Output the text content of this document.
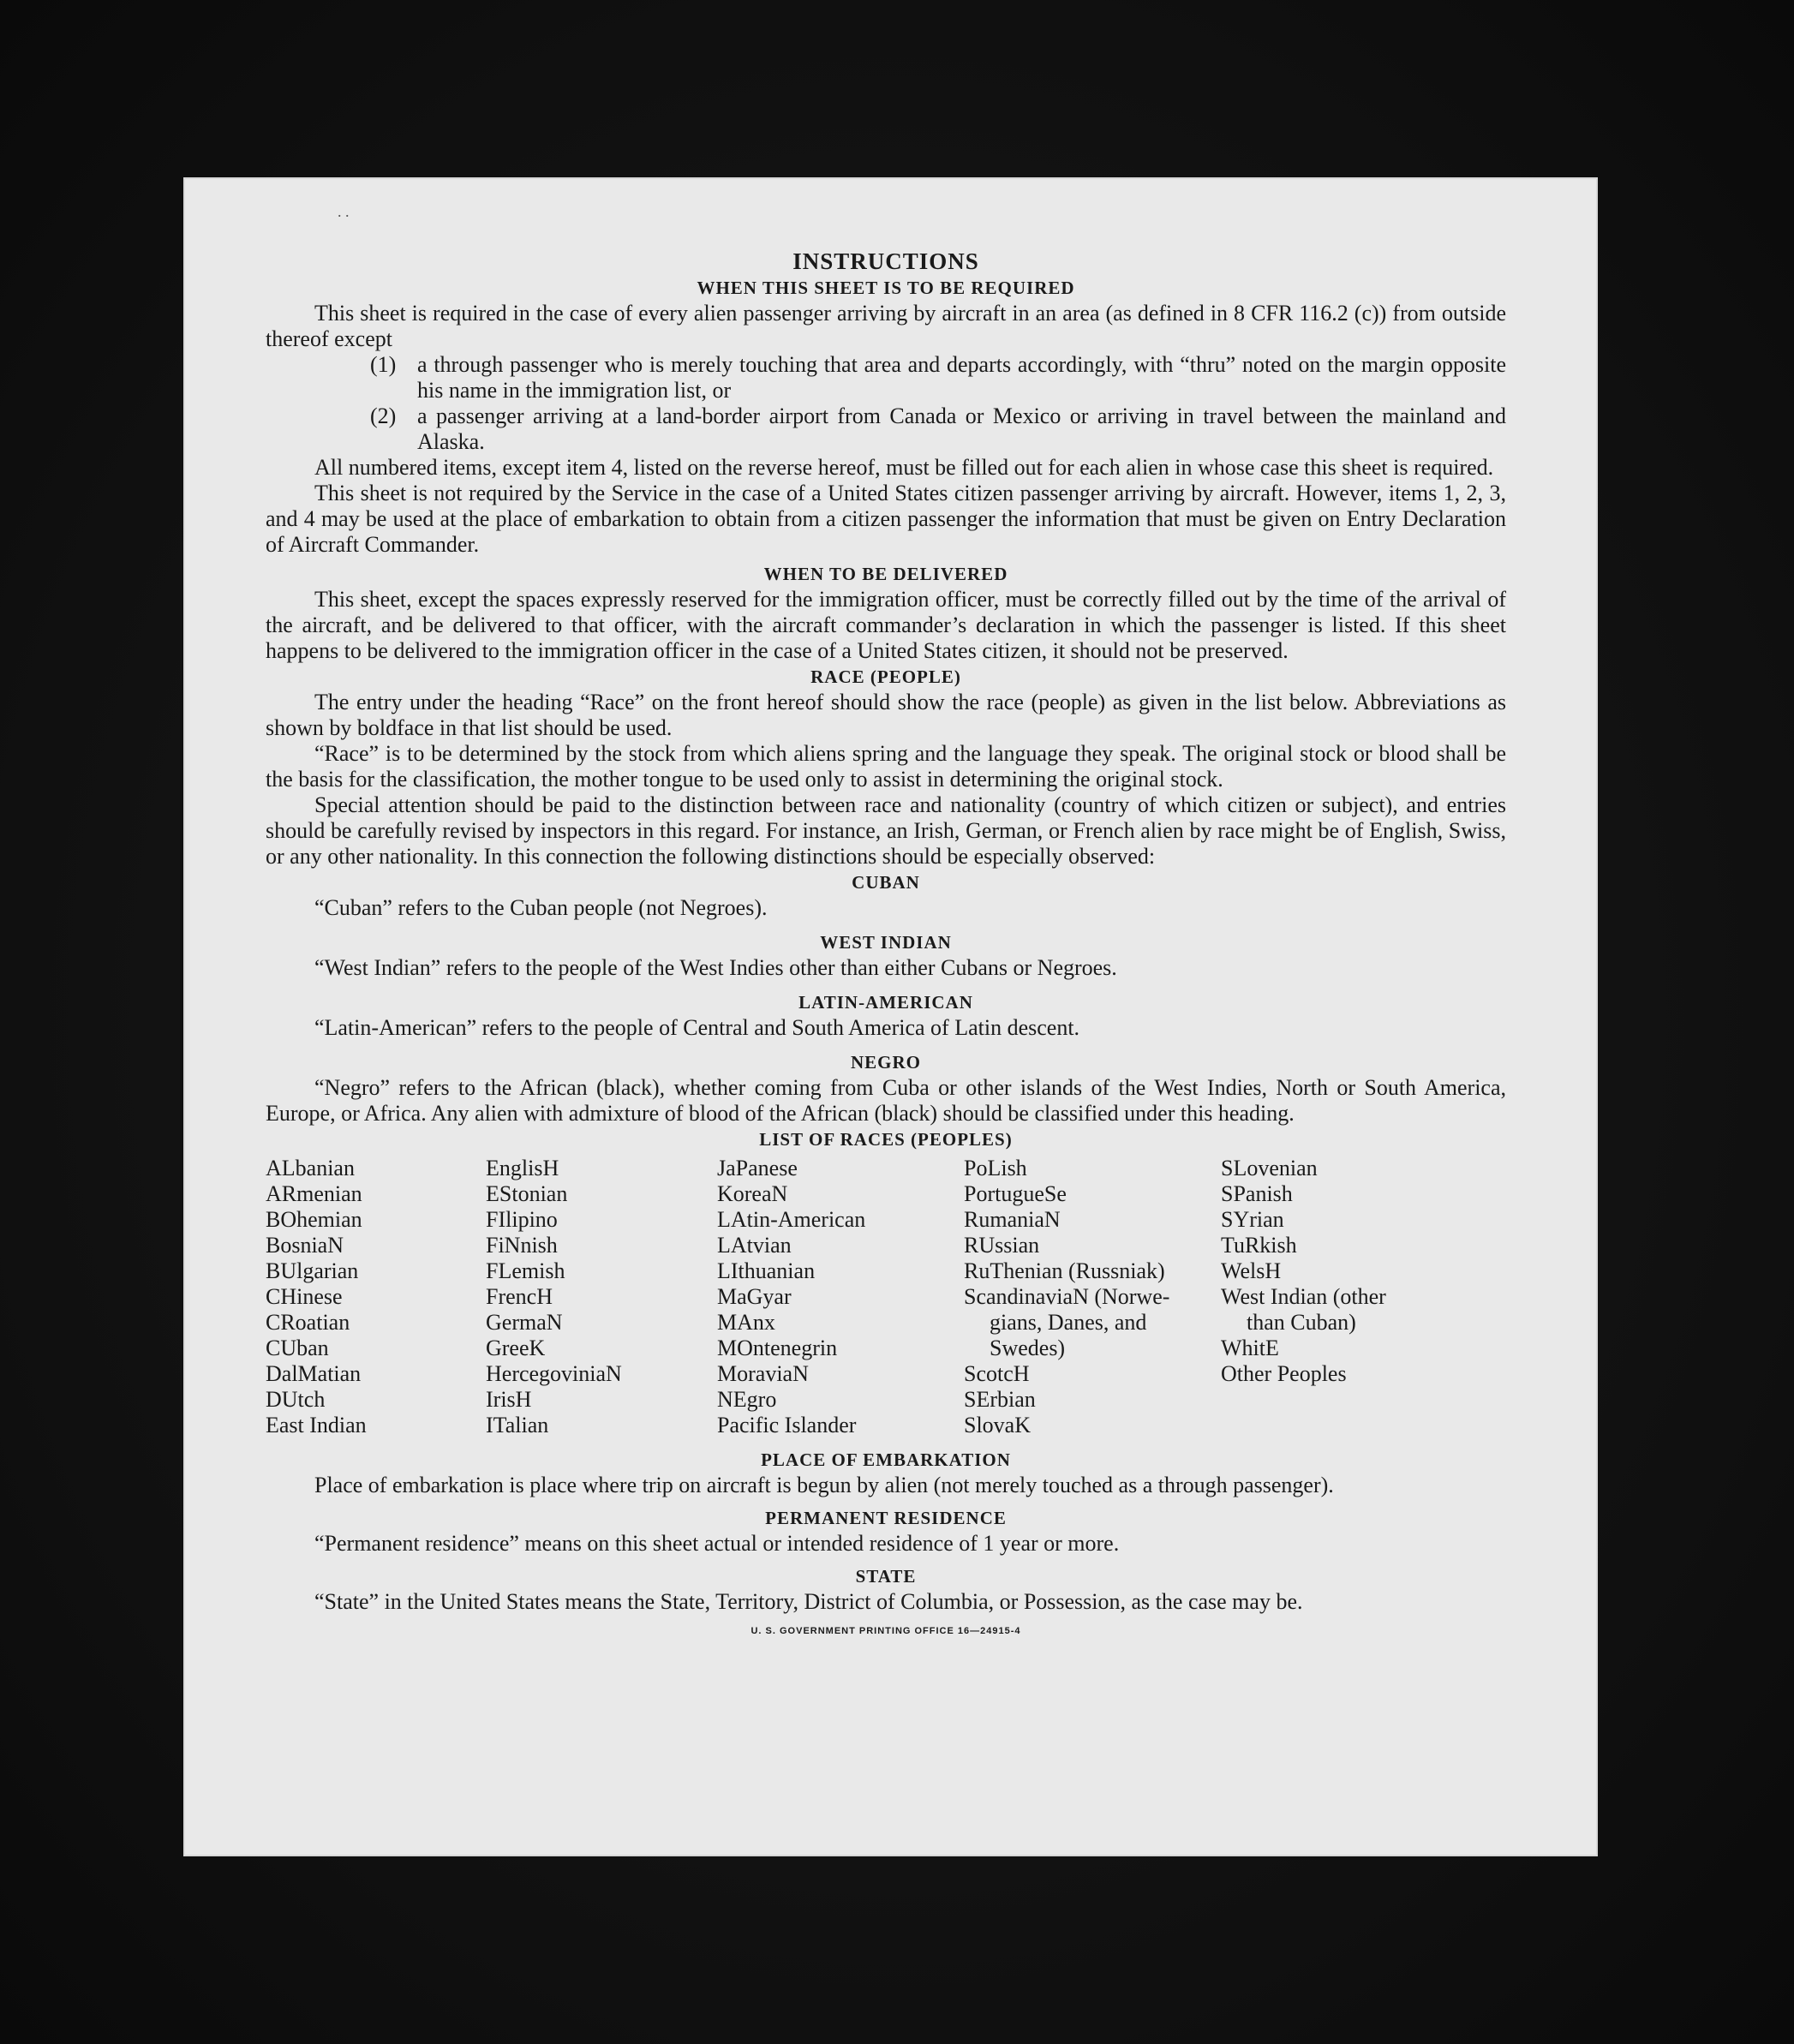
. .
INSTRUCTIONS
WHEN THIS SHEET IS TO BE REQUIRED

This sheet is required in the case of every alien passenger arriving by aircraft in an area (as defined in 8 CFR 116.2 (c)) from outside thereof except

(1) a through passenger who is merely touching that area and departs accordingly, with “thru” noted on the margin opposite his name in the immigration list, or
(2) a passenger arriving at a land-border airport from Canada or Mexico or arriving in travel between the mainland and Alaska.

All numbered items, except item 4, listed on the reverse hereof, must be filled out for each alien in whose case this sheet is required.

This sheet is not required by the Service in the case of a United States citizen passenger arriving by aircraft. However, items 1, 2, 3, and 4 may be used at the place of embarkation to obtain from a citizen passenger the information that must be given on Entry Declaration of Aircraft Commander.

WHEN TO BE DELIVERED

This sheet, except the spaces expressly reserved for the immigration officer, must be correctly filled out by the time of the arrival of the aircraft, and be delivered to that officer, with the aircraft commander’s declaration in which the passenger is listed. If this sheet happens to be delivered to the immigration officer in the case of a United States citizen, it should not be preserved.

RACE (PEOPLE)

The entry under the heading “Race” on the front hereof should show the race (people) as given in the list below. Abbreviations as shown by boldface in that list should be used.

“Race” is to be determined by the stock from which aliens spring and the language they speak. The original stock or blood shall be the basis for the classification, the mother tongue to be used only to assist in determining the original stock.

Special attention should be paid to the distinction between race and nationality (country of which citizen or subject), and entries should be carefully revised by inspectors in this regard. For instance, an Irish, German, or French alien by race might be of English, Swiss, or any other nationality. In this connection the following distinctions should be especially observed:

CUBAN

“Cuban” refers to the Cuban people (not Negroes).

WEST INDIAN

“West Indian” refers to the people of the West Indies other than either Cubans or Negroes.

LATIN-AMERICAN

“Latin-American” refers to the people of Central and South America of Latin descent.

NEGRO

“Negro” refers to the African (black), whether coming from Cuba or other islands of the West Indies, North or South America, Europe, or Africa. Any alien with admixture of blood of the African (black) should be classified under this heading.

LIST OF RACES (PEOPLES)
ALbanian
ARmenian
BOhemian
BosniaN
BUlgarian
CHinese
CRoatian
CUban
DalMatian
DUtch
East Indian
EnglisH
EStonian
FIlipino
FiNnish
FLemish
FrencH
GermaN
GreeK
HercegoviniaN
IrisH
ITalian
JaPanese
KoreaN
LAtin-American
LAtvian
LIthuanian
MaGyar
MAnx
MOntenegrin
MoraviaN
NEgro
Pacific Islander
PoLish
PortugueSe
RumaniaN
RUssian
RuThenian (Russniak)
ScandinaviaN (Norwe-
gians, Danes, and
Swedes)
ScotcH
SErbian
SlovaK
SLovenian
SPanish
SYrian
TuRkish
WelsH
West Indian (other
than Cuban)
WhitE
Other Peoples
PLACE OF EMBARKATION

Place of embarkation is place where trip on aircraft is begun by alien (not merely touched as a through passenger).

PERMANENT RESIDENCE

“Permanent residence” means on this sheet actual or intended residence of 1 year or more.

STATE

“State” in the United States means the State, Territory, District of Columbia, or Possession, as the case may be.

U. S. GOVERNMENT PRINTING OFFICE 16—24915-4
